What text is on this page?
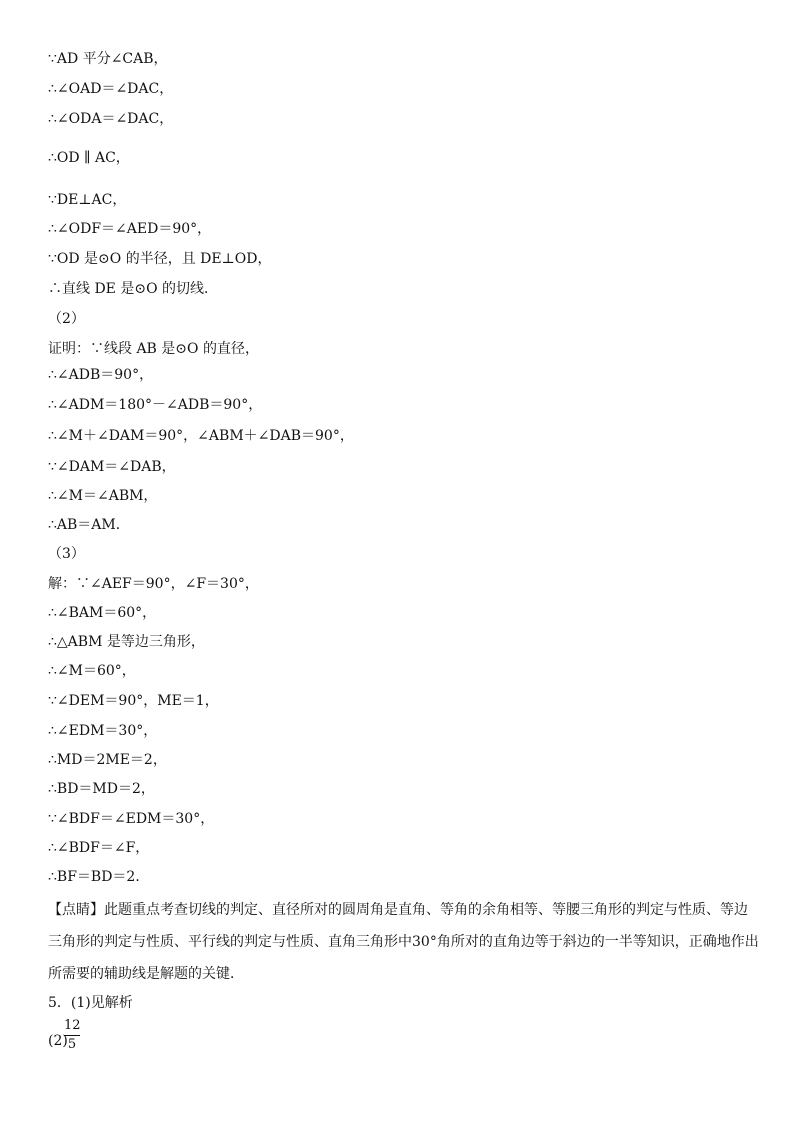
∵AD 平分∠CAB，
∴∠OAD＝∠DAC，
∴∠ODA＝∠DAC，
∴OD ∥ AC，
∵DE⊥AC，
∴∠ODF＝∠AED＝90°，
∵OD 是⊙O 的半径，且 DE⊥OD，
∴直线 DE 是⊙O 的切线．
（2）
证明：∵线段 AB 是⊙O 的直径，
∴∠ADB＝90°，
∴∠ADM＝180°－∠ADB＝90°，
∴∠M＋∠DAM＝90°，∠ABM＋∠DAB＝90°，
∵∠DAM＝∠DAB，
∴∠M＝∠ABM，
∴AB＝AM．
（3）
解：∵∠AEF＝90°，∠F＝30°，
∴∠BAM＝60°，
∴△ABM 是等边三角形，
∴∠M＝60°，
∵∠DEM＝90°，ME＝1，
∴∠EDM＝30°，
∴MD＝2ME＝2，
∴BD＝MD＝2，
∵∠BDF＝∠EDM＝30°，
∴∠BDF＝∠F，
∴BF＝BD＝2．
【点睛】此题重点考查切线的判定、直径所对的圆周角是直角、等角的余角相等、等腰三角形的判定与性质、等边三角形的判定与性质、平行线的判定与性质、直角三角形中30°角所对的直角边等于斜边的一半等知识，正确地作出所需要的辅助线是解题的关键．
5．(1)见解析
(2)
12
5
